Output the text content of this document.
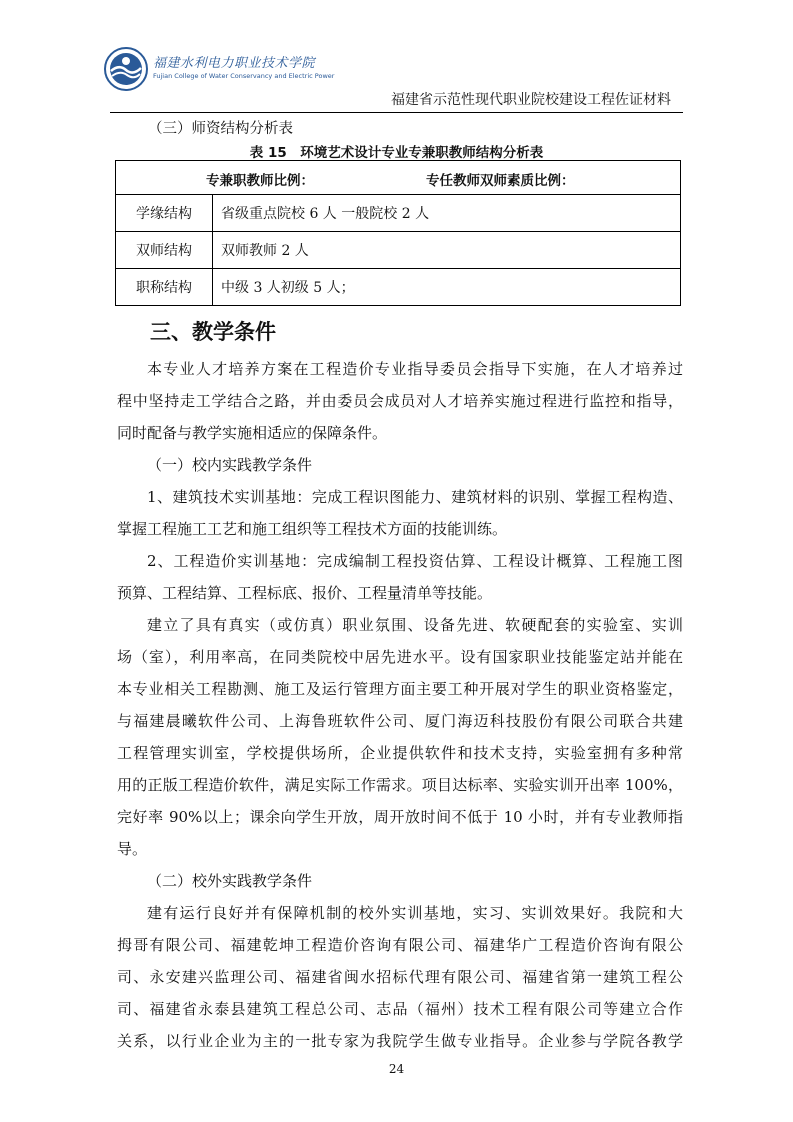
福建水利电力职业技术学院
Fujian College of Water Conservancy and Electric Power
福建省示范性现代职业院校建设工程佐证材料
（三）师资结构分析表
表 15　环境艺术设计专业专兼职教师结构分析表
专兼职教师比例： 专任教师双师素质比例：	

学缘结构	省级重点院校 6 人 一般院校 2 人
双师结构	双师教师 2 人
职称结构	中级 3 人初级 5 人；
三、教学条件
本专业人才培养方案在工程造价专业指导委员会指导下实施，在人才培养过
程中坚持走工学结合之路，并由委员会成员对人才培养实施过程进行监控和指导，
同时配备与教学实施相适应的保障条件。
（一）校内实践教学条件
1、建筑技术实训基地：完成工程识图能力、建筑材料的识别、掌握工程构造、
掌握工程施工工艺和施工组织等工程技术方面的技能训练。
2、工程造价实训基地：完成编制工程投资估算、工程设计概算、工程施工图
预算、工程结算、工程标底、报价、工程量清单等技能。
建立了具有真实（或仿真）职业氛围、设备先进、软硬配套的实验室、实训
场（室），利用率高，在同类院校中居先进水平。设有国家职业技能鉴定站并能在
本专业相关工程勘测、施工及运行管理方面主要工种开展对学生的职业资格鉴定，
与福建晨曦软件公司、上海鲁班软件公司、厦门海迈科技股份有限公司联合共建
工程管理实训室，学校提供场所，企业提供软件和技术支持，实验室拥有多种常
用的正版工程造价软件，满足实际工作需求。项目达标率、实验实训开出率 100%，
完好率 90%以上；课余向学生开放，周开放时间不低于 10 小时，并有专业教师指
导。
（二）校外实践教学条件
建有运行良好并有保障机制的校外实训基地，实习、实训效果好。我院和大
拇哥有限公司、福建乾坤工程造价咨询有限公司、福建华广工程造价咨询有限公
司、永安建兴监理公司、福建省闽水招标代理有限公司、福建省第一建筑工程公
司、福建省永泰县建筑工程总公司、志品（福州）技术工程有限公司等建立合作
关系，以行业企业为主的一批专家为我院学生做专业指导。企业参与学院各教学
24
